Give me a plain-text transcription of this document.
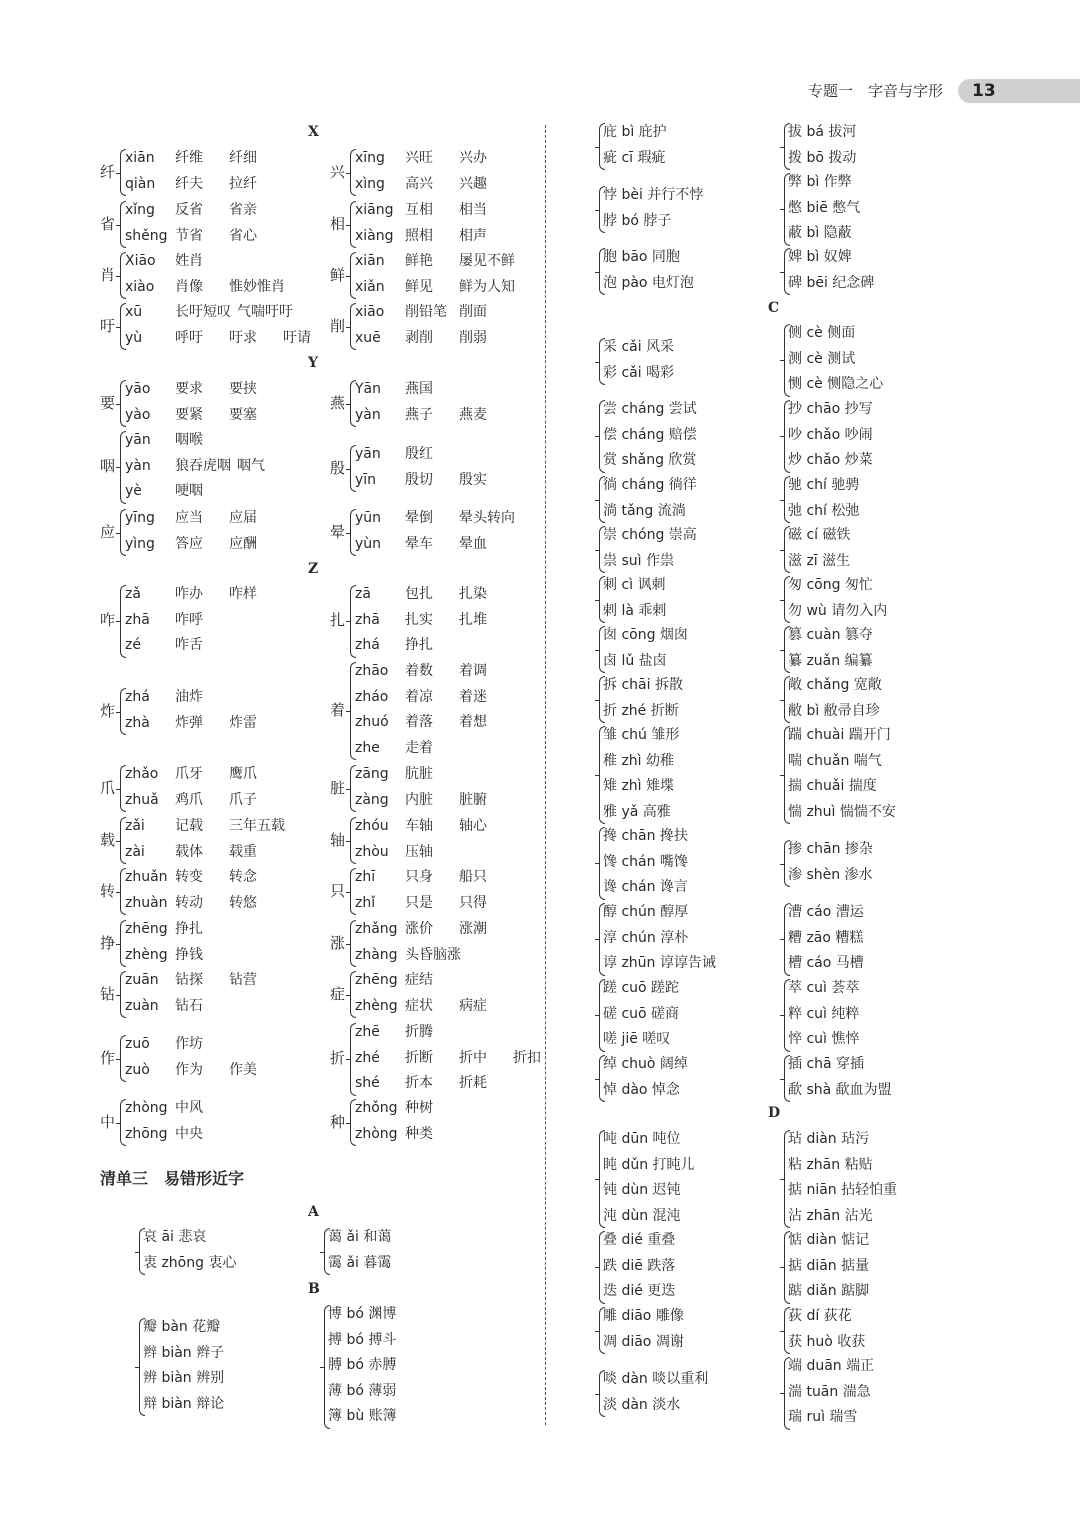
专题一　 字音与字形 13
清单三　易错形近字
X
Y
Z
A
B
C
D
纤
xiān 纤维 纤细
qiàn 纤夫 拉纤
省
xǐng 反省 省亲
shěng 节省 省心
肖
Xiāo 姓肖
xiào 肖像 惟妙惟肖
吁
xū 长吁短叹 气喘吁吁
yù 呼吁 吁求 吁请
要
yāo 要求 要挟
yào 要紧 要塞
咽
yān 咽喉
yàn 狼吞虎咽 咽气
yè 哽咽
应
yīng 应当 应届
yìng 答应 应酬
咋
zǎ 咋办 咋样
zhā 咋呼
zé 咋舌
炸
zhá 油炸
zhà 炸弹 炸雷
爪
zhǎo 爪牙 鹰爪
zhuǎ 鸡爪 爪子
载
zǎi 记载 三年五载
zài 载体 载重
转
zhuǎn 转变 转念
zhuàn 转动 转悠
挣
zhēng 挣扎
zhèng 挣钱
钻
zuān 钻探 钻营
zuàn 钻石
作
zuō 作坊
zuò 作为 作美
中
zhòng 中风
zhōng 中央
兴
xīng 兴旺 兴办
xìng 高兴 兴趣
相
xiāng 互相 相当
xiàng 照相 相声
鲜
xiān 鲜艳 屡见不鲜
xiǎn 鲜见 鲜为人知
削
xiāo 削铅笔 削面
xuē 剥削 削弱
燕
Yān 燕国
yàn 燕子 燕麦
殷
yān 殷红
yīn 殷切 殷实
晕
yūn 晕倒 晕头转向
yùn 晕车 晕血
扎
zā 包扎 扎染
zhā 扎实 扎堆
zhá 挣扎
着
zhāo 着数 着调
zháo 着凉 着迷
zhuó 着落 着想
zhe 走着
脏
zāng 肮脏
zàng 内脏 脏腑
轴
zhóu 车轴 轴心
zhòu 压轴
只
zhī 只身 船只
zhǐ 只是 只得
涨
zhǎng 涨价 涨潮
zhàng 头昏脑涨
症
zhēng 症结
zhèng 症状 病症
折
zhē 折腾
zhé 折断 折中 折扣
shé 折本 折耗
种
zhǒng 种树
zhòng 种类
哀 āi 悲哀
衷 zhōng 衷心
瓣 bàn 花瓣
辫 biàn 辫子
辨 biàn 辨别
辩 biàn 辩论
蔼 ǎi 和蔼
霭 ǎi 暮霭
博 bó 渊博
搏 bó 搏斗
膊 bó 赤膊
薄 bó 薄弱
簿 bù 账簿
庇 bì 庇护
疵 cī 瑕疵
悖 bèi 并行不悖
脖 bó 脖子
胞 bāo 同胞
泡 pào 电灯泡
采 cǎi 风采
彩 cǎi 喝彩
尝 cháng 尝试
偿 cháng 赔偿
赏 shǎng 欣赏
徜 cháng 徜徉
淌 tǎng 流淌
崇 chóng 崇高
祟 suì 作祟
刺 cì 讽刺
剌 là 乖剌
囱 cōng 烟囱
卤 lǔ 盐卤
拆 chāi 拆散
折 zhé 折断
雏 chú 雏形
稚 zhì 幼稚
雉 zhì 雉堞
雅 yǎ 高雅
搀 chān 搀扶
馋 chán 嘴馋
谗 chán 谗言
醇 chún 醇厚
淳 chún 淳朴
谆 zhūn 谆谆告诫
蹉 cuō 蹉跎
磋 cuō 磋商
嗟 jiē 嗟叹
绰 chuò 阔绰
悼 dào 悼念
吨 dūn 吨位
盹 dǔn 打盹儿
钝 dùn 迟钝
沌 dùn 混沌
叠 dié 重叠
跌 diē 跌落
迭 dié 更迭
雕 diāo 雕像
凋 diāo 凋谢
啖 dàn 啖以重利
淡 dàn 淡水
拔 bá 拔河
拨 bō 拨动
弊 bì 作弊
憋 biē 憋气
蔽 bì 隐蔽
婢 bì 奴婢
碑 bēi 纪念碑
侧 cè 侧面
测 cè 测试
恻 cè 恻隐之心
抄 chāo 抄写
吵 chǎo 吵闹
炒 chǎo 炒菜
驰 chí 驰骋
弛 chí 松弛
磁 cí 磁铁
滋 zī 滋生
匆 cōng 匆忙
勿 wù 请勿入内
篡 cuàn 篡夺
纂 zuǎn 编纂
敞 chǎng 宽敞
敝 bì 敝帚自珍
踹 chuài 踹开门
喘 chuǎn 喘气
揣 chuǎi 揣度
惴 zhuì 惴惴不安
掺 chān 掺杂
渗 shèn 渗水
漕 cáo 漕运
糟 zāo 糟糕
槽 cáo 马槽
萃 cuì 荟萃
粹 cuì 纯粹
悴 cuì 憔悴
插 chā 穿插
歃 shà 歃血为盟
玷 diàn 玷污
粘 zhān 粘贴
掂 niān 拈轻怕重
沾 zhān 沾光
惦 diàn 惦记
掂 diān 掂量
踮 diǎn 踮脚
荻 dí 荻花
获 huò 收获
端 duān 端正
湍 tuān 湍急
瑞 ruì 瑞雪
